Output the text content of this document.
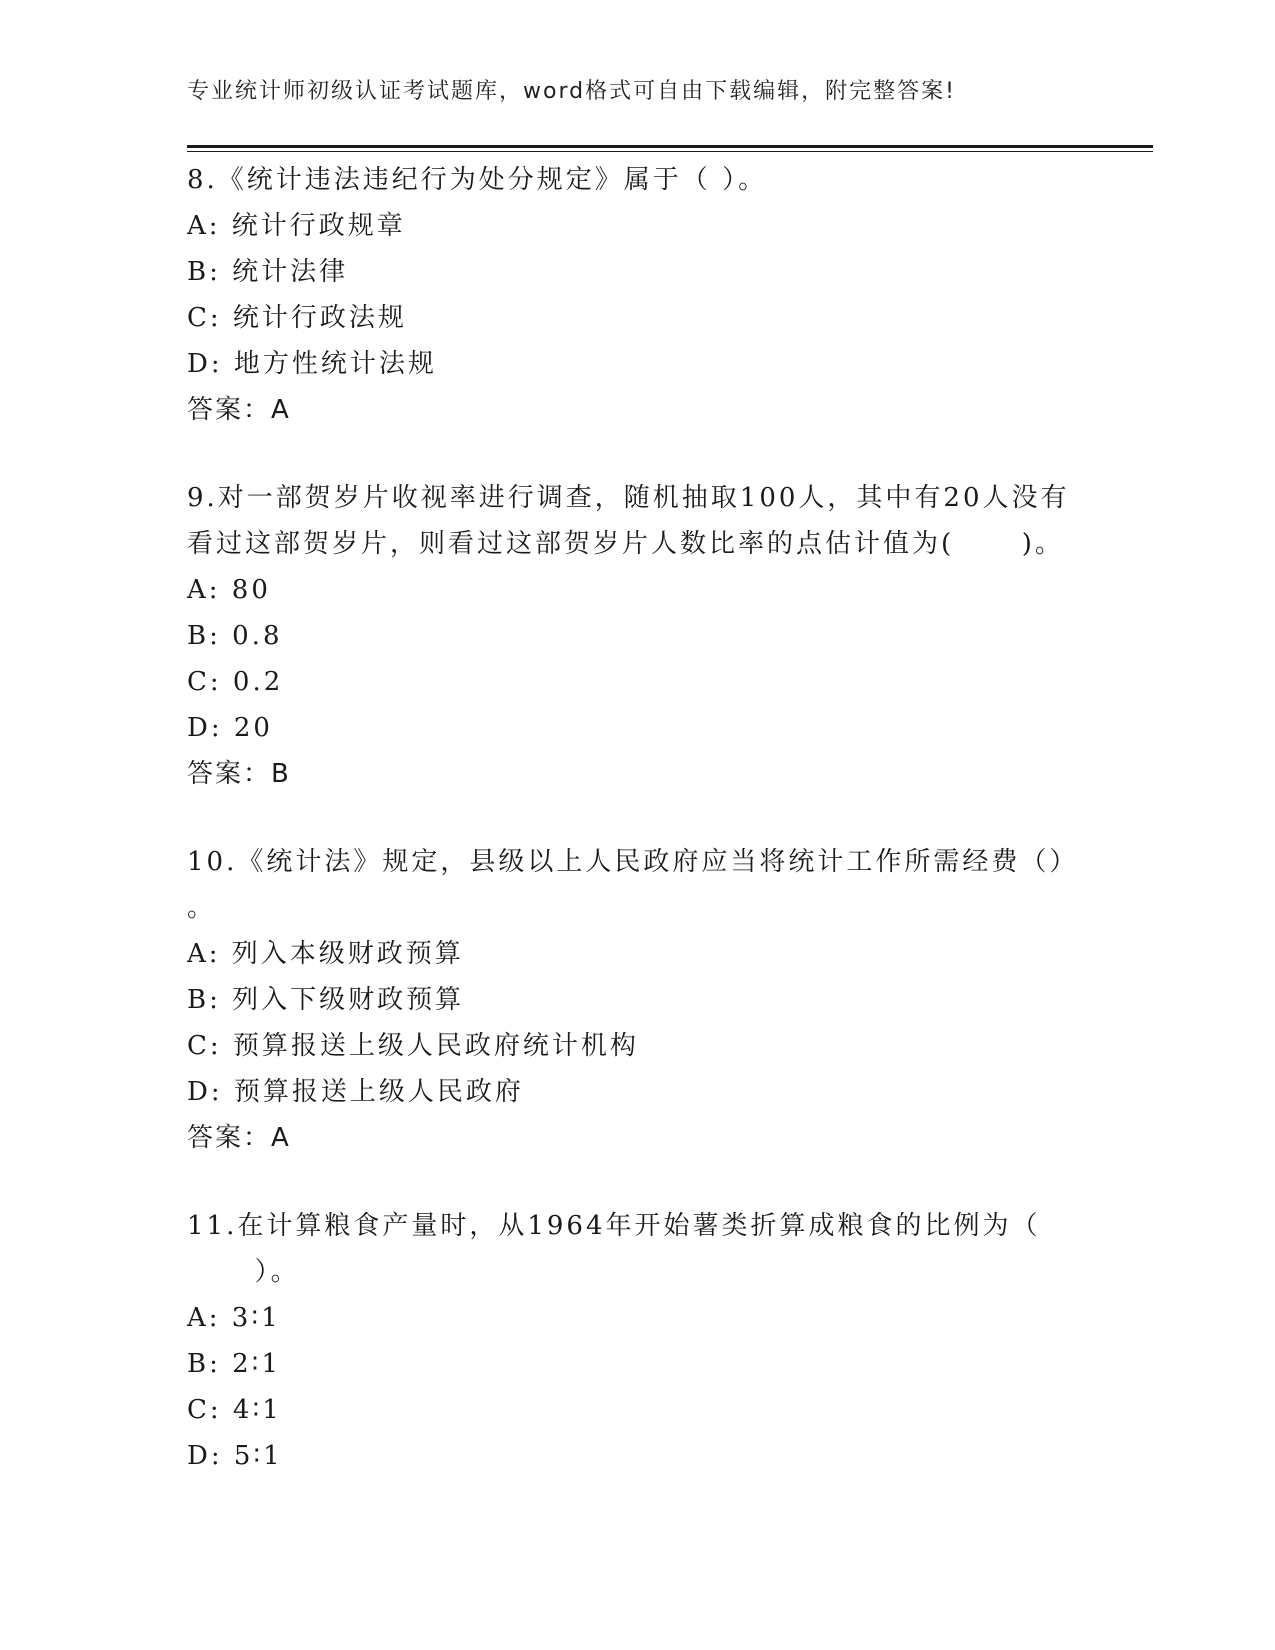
专业统计师初级认证考试题库，word格式可自由下载编辑，附完整答案!

8.《统计违法违纪行为处分规定》属于（ ）。

A: 统计行政规章

B: 统计法律

C: 统计行政法规

D: 地方性统计法规

答案：A

9.对一部贺岁片收视率进行调查，随机抽取100人，其中有20人没有

看过这部贺岁片，则看过这部贺岁片人数比率的点估计值为(      )。

A: 80

B: 0.8

C: 0.2

D: 20

答案：B

10.《统计法》规定，县级以上人民政府应当将统计工作所需经费（）

。

A: 列入本级财政预算

B: 列入下级财政预算

C: 预算报送上级人民政府统计机构

D: 预算报送上级人民政府

答案：A

11.在计算粮食产量时，从1964年开始薯类折算成粮食的比例为（

）。

A: 3∶1

B: 2∶1

C: 4∶1

D: 5∶1
